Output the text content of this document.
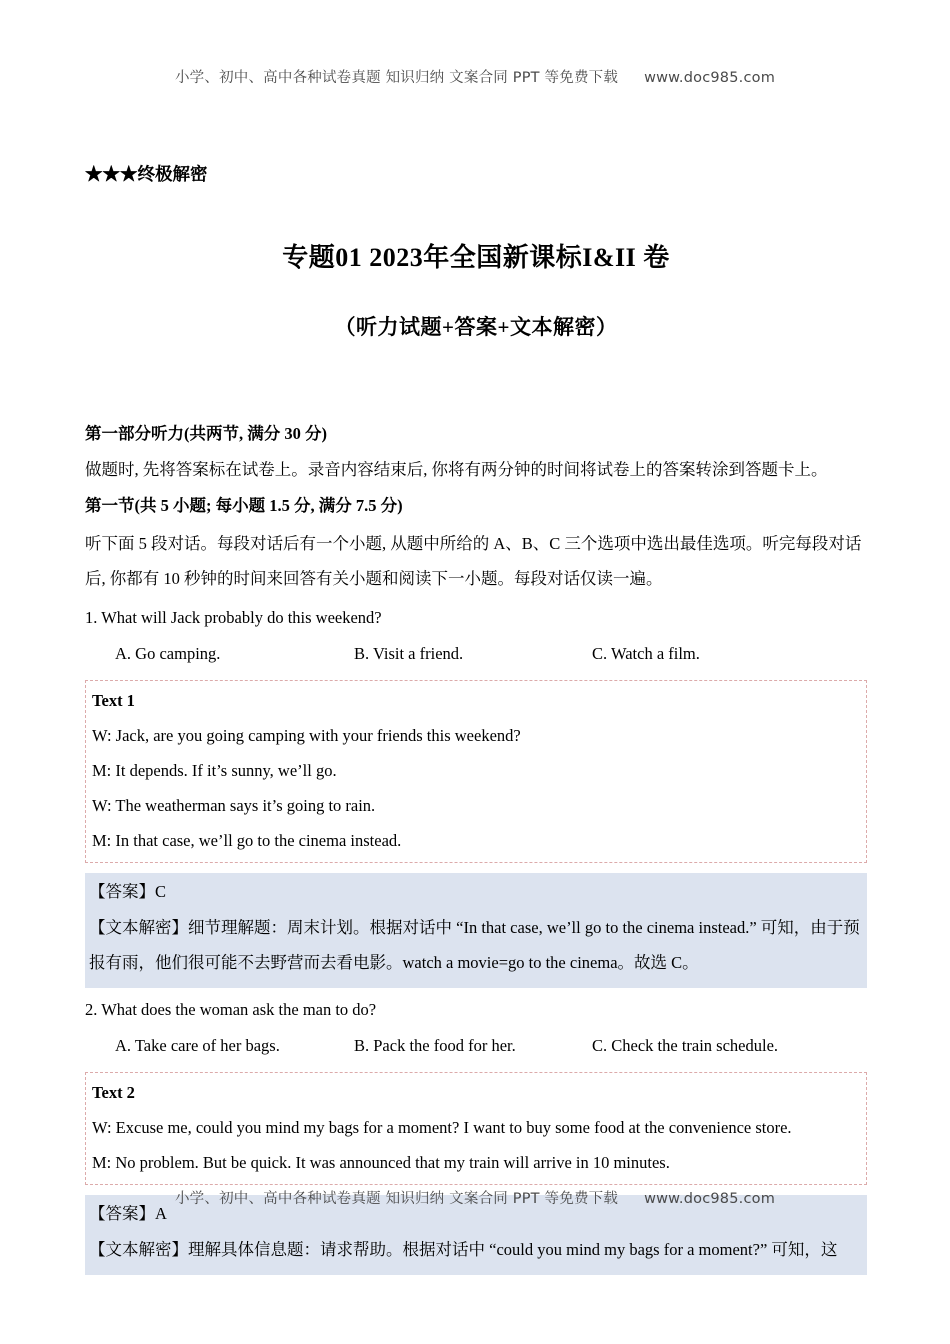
小学、初中、高中各种试卷真题 知识归纳 文案合同 PPT 等免费下载 www.doc985.com
★★★终极解密
专题01 2023年全国新课标I&II 卷
（听力试题+答案+文本解密）
第一部分听力(共两节, 满分 30 分)
做题时, 先将答案标在试卷上。录音内容结束后, 你将有两分钟的时间将试卷上的答案转涂到答题卡上。
第一节(共 5 小题; 每小题 1.5 分, 满分 7.5 分)
听下面 5 段对话。每段对话后有一个小题, 从题中所给的 A、B、C 三个选项中选出最佳选项。听完每段对话后, 你都有 10 秒钟的时间来回答有关小题和阅读下一小题。每段对话仅读一遍。
1. What will Jack probably do this weekend?
A. Go camping.	B. Visit a friend.	C. Watch a film.
Text 1
W: Jack, are you going camping with your friends this weekend?
M: It depends. If it’s sunny, we’ll go.
W: The weatherman says it’s going to rain.
M: In that case, we’ll go to the cinema instead.
【答案】C
【文本解密】细节理解题：周末计划。根据对话中 “In that case, we’ll go to the cinema instead.” 可知，由于预报有雨，他们很可能不去野营而去看电影。watch a movie=go to the cinema。故选 C。
2. What does the woman ask the man to do?
A. Take care of her bags.	B. Pack the food for her.	C. Check the train schedule.
Text 2
W: Excuse me, could you mind my bags for a moment? I want to buy some food at the convenience store.
M: No problem. But be quick. It was announced that my train will arrive in 10 minutes.
【答案】A
【文本解密】理解具体信息题：请求帮助。根据对话中 “could you mind my bags for a moment?” 可知，这
小学、初中、高中各种试卷真题 知识归纳 文案合同 PPT 等免费下载 www.doc985.com
